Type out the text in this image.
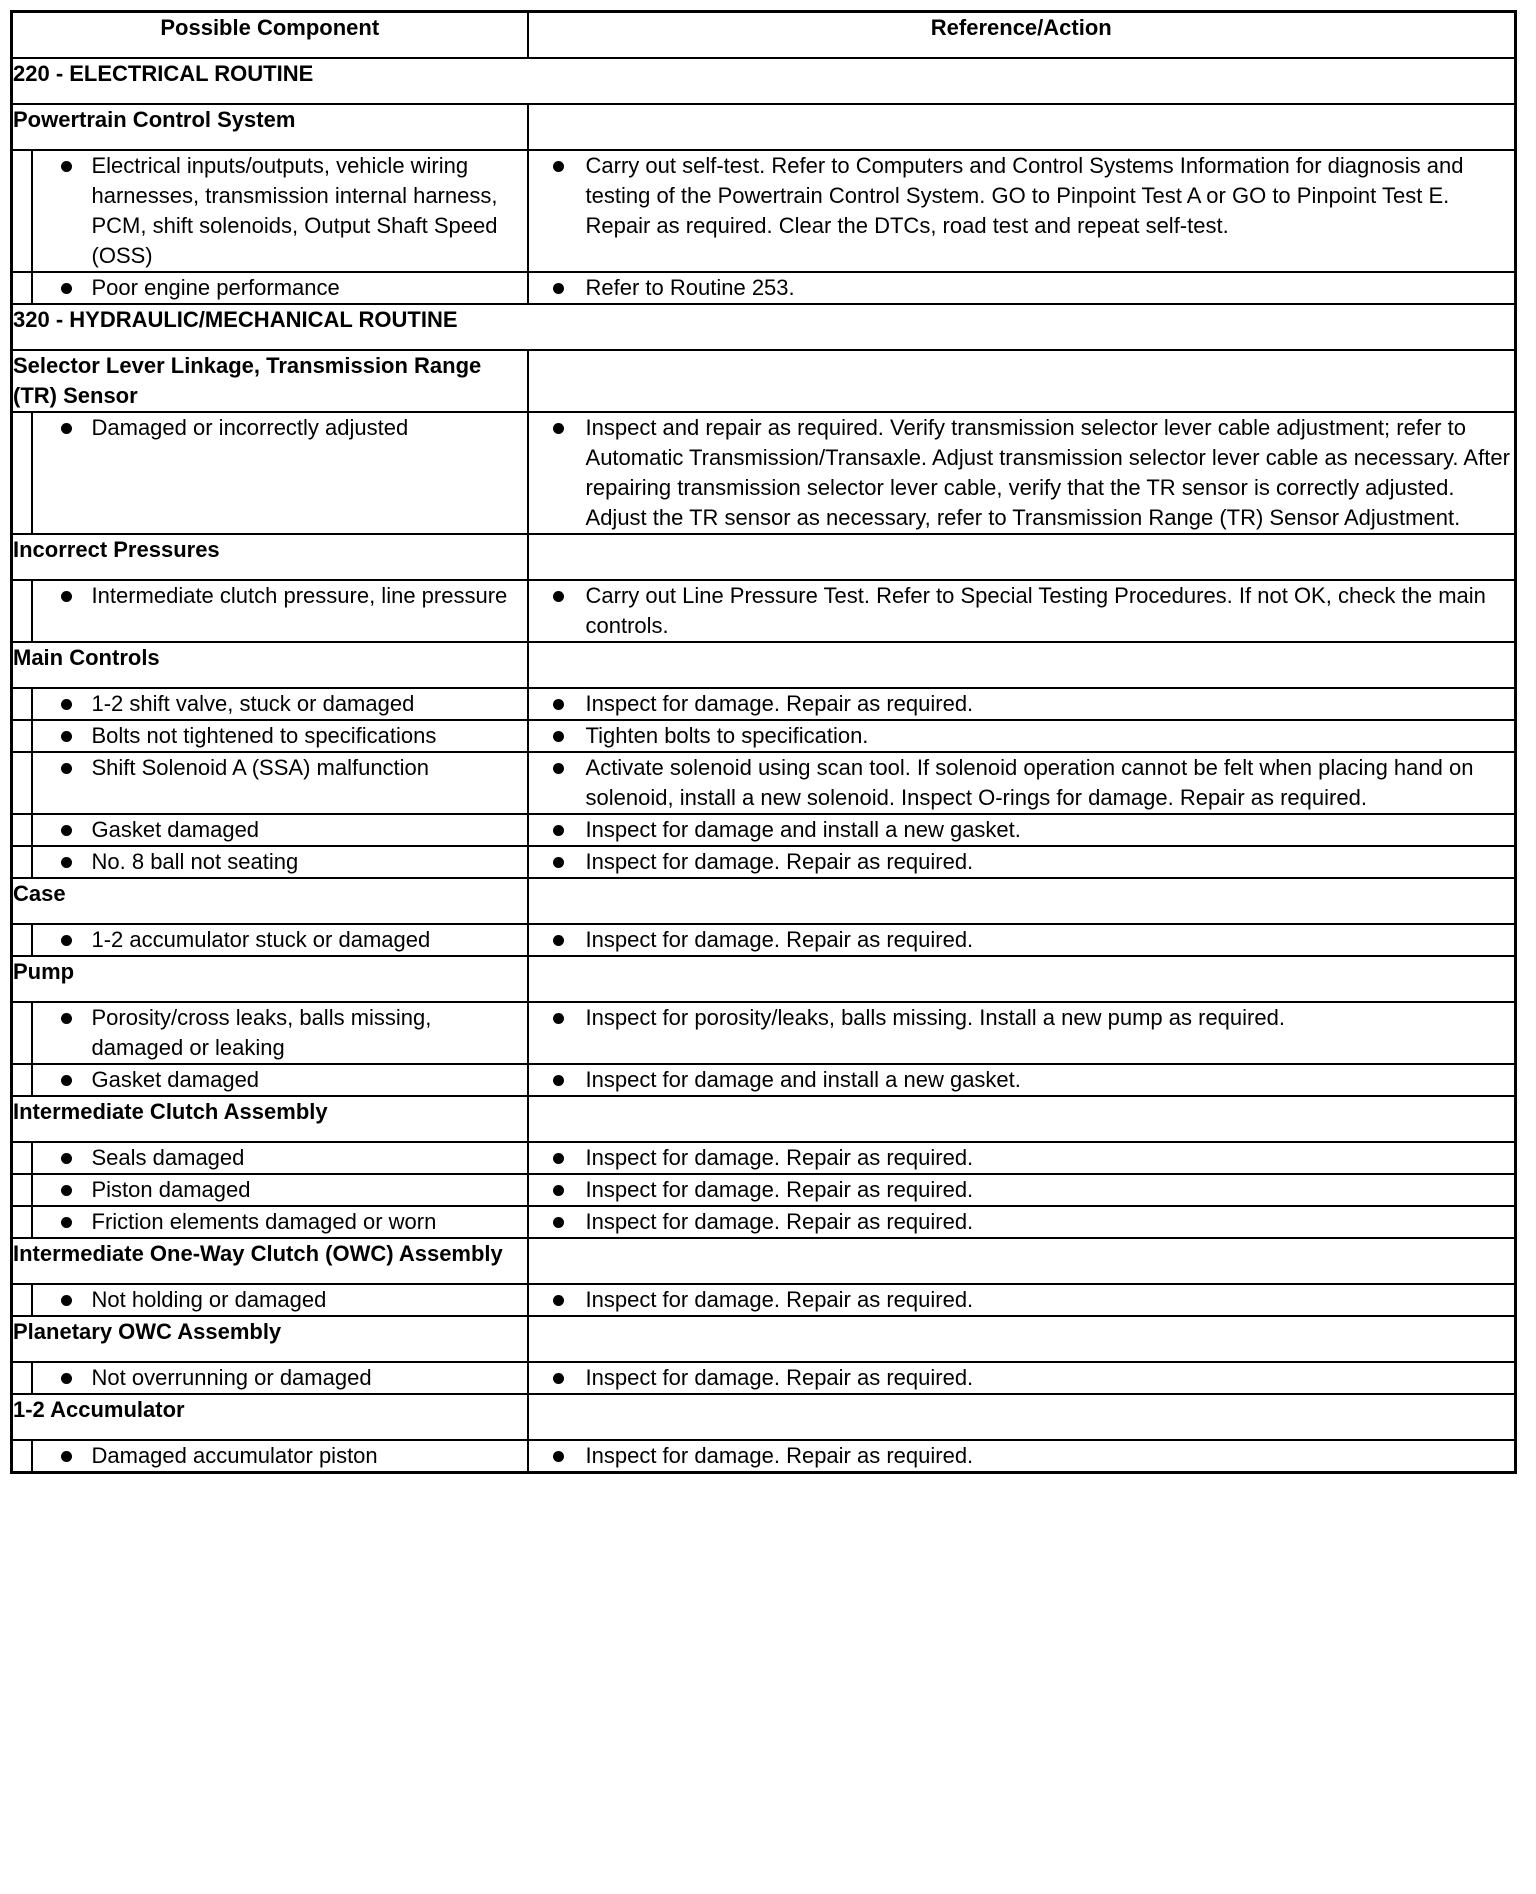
Possible Component		Reference/Action
220 - ELECTRICAL ROUTINE		
Powertrain Control System		

	Electrical inputs/outputs, vehicle wiring harnesses, transmission internal harness, PCM, shift solenoids, Output Shaft Speed (OSS)	Carry out self-test. Refer to Computers and Control Systems Information for diagnosis and testing of the Powertrain Control System. GO to Pinpoint Test A or GO to Pinpoint Test E. Repair as required. Clear the DTCs, road test and repeat self-test.

	Poor engine performance	Refer to Routine 253.

320 - HYDRAULIC/MECHANICAL ROUTINE		
Selector Lever Linkage, Transmission Range (TR) Sensor		

	Damaged or incorrectly adjusted	Inspect and repair as required. Verify transmission selector lever cable adjustment; refer to Automatic Transmission/Transaxle. Adjust transmission selector lever cable as necessary. After repairing transmission selector lever cable, verify that the TR sensor is correctly adjusted. Adjust the TR sensor as necessary, refer to Transmission Range (TR) Sensor Adjustment.

Incorrect Pressures		

	Intermediate clutch pressure, line pressure	Carry out Line Pressure Test. Refer to Special Testing Procedures. If not OK, check the main controls.

Main Controls		

	1-2 shift valve, stuck or damaged	Inspect for damage. Repair as required.

	Bolts not tightened to specifications	Tighten bolts to specification.

	Shift Solenoid A (SSA) malfunction	Activate solenoid using scan tool. If solenoid operation cannot be felt when placing hand on solenoid, install a new solenoid. Inspect O-rings for damage. Repair as required.

	Gasket damaged	Inspect for damage and install a new gasket.

	No. 8 ball not seating	Inspect for damage. Repair as required.

Case		

	1-2 accumulator stuck or damaged	Inspect for damage. Repair as required.

Pump		

	Porosity/cross leaks, balls missing, damaged or leaking	Inspect for porosity/leaks, balls missing. Install a new pump as required.

	Gasket damaged	Inspect for damage and install a new gasket.

Intermediate Clutch Assembly		

	Seals damaged	Inspect for damage. Repair as required.

	Piston damaged	Inspect for damage. Repair as required.

	Friction elements damaged or worn	Inspect for damage. Repair as required.

Intermediate One-Way Clutch (OWC) Assembly		

	Not holding or damaged	Inspect for damage. Repair as required.

Planetary OWC Assembly		

	Not overrunning or damaged	Inspect for damage. Repair as required.

1-2 Accumulator		

	Damaged accumulator piston	Inspect for damage. Repair as required.
